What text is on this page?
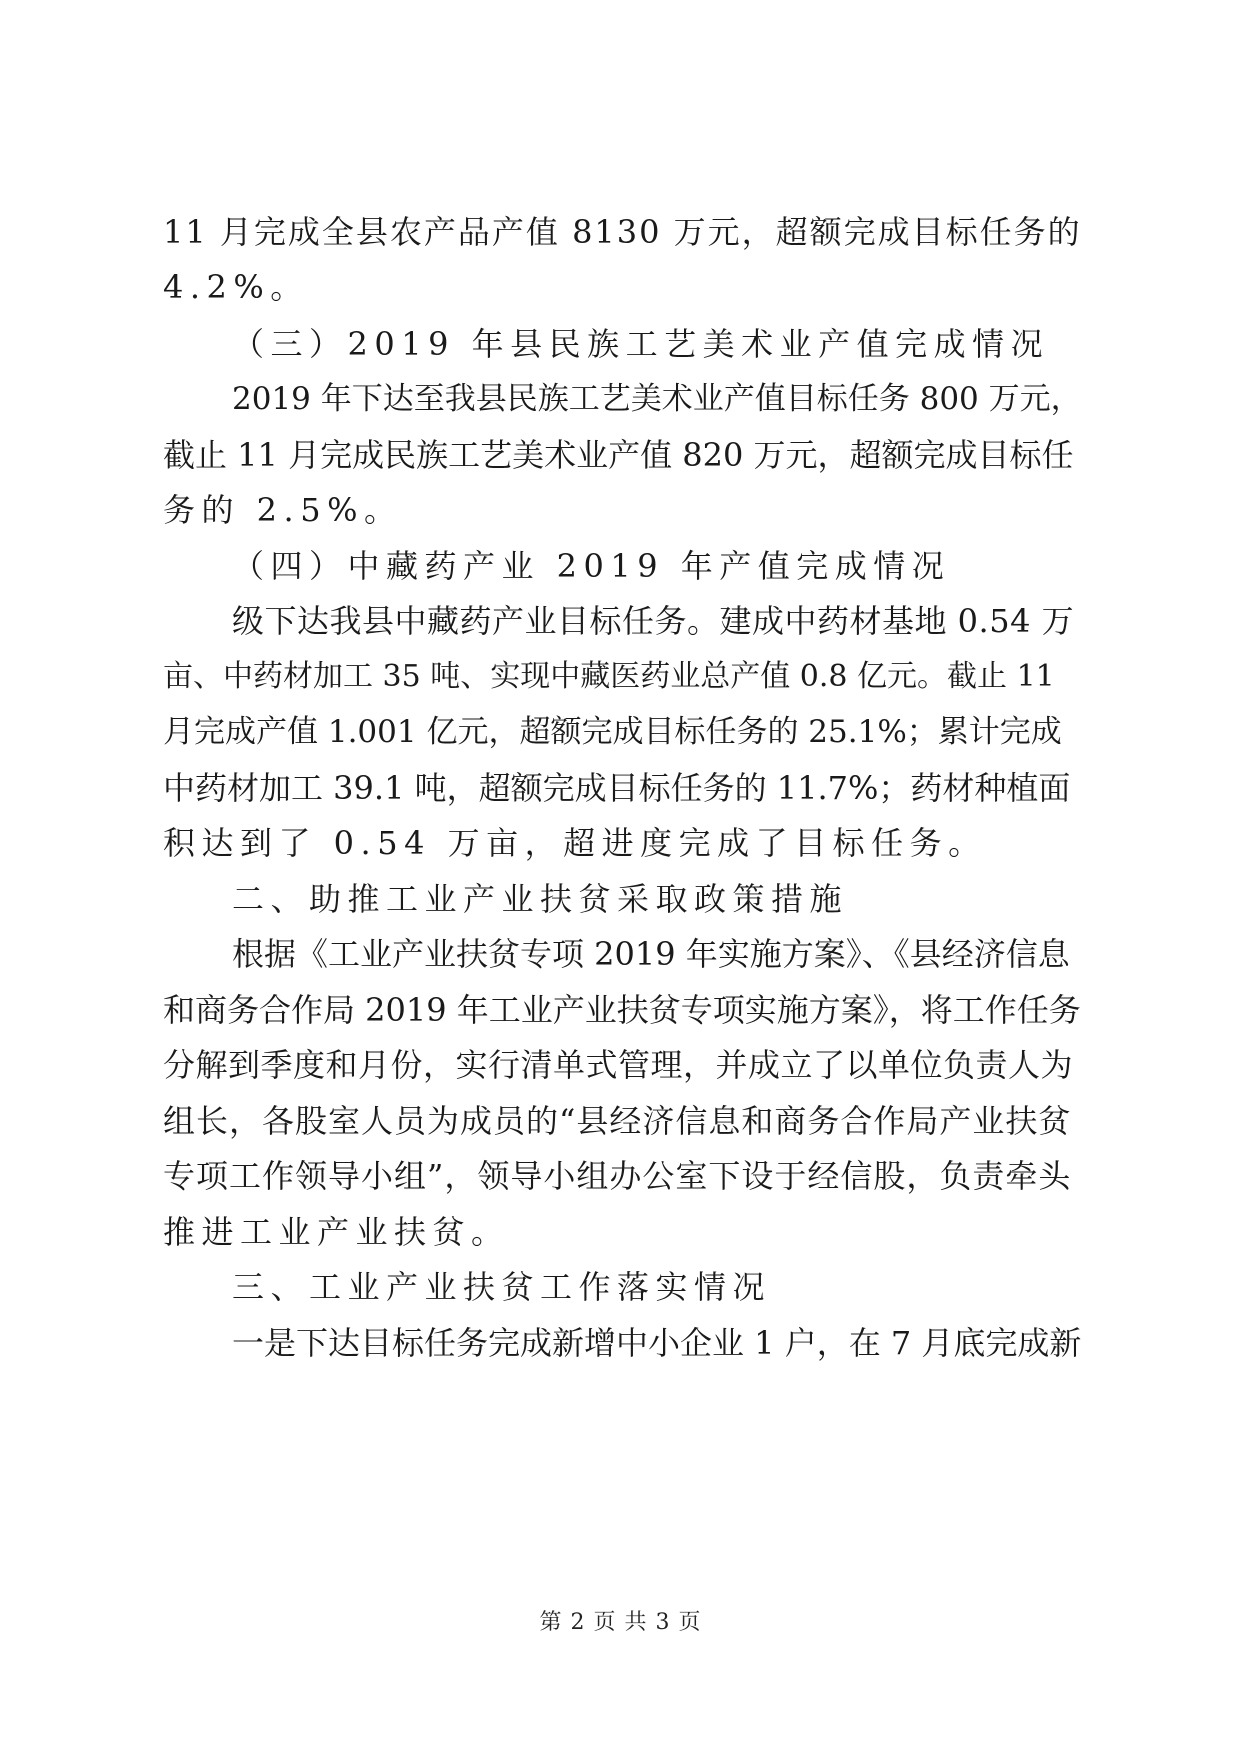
11 月完成全县农产品产值 8130 万元，超额完成目标任务的
4.2%。
（三）2019 年县民族工艺美术业产值完成情况
2019 年下达至我县民族工艺美术业产值目标任务 800 万元，
截止 11 月完成民族工艺美术业产值 820 万元，超额完成目标任
务的 2.5%。
（四）中藏药产业 2019 年产值完成情况
级下达我县中藏药产业目标任务。建成中药材基地 0.54 万
亩、中药材加工 35 吨、实现中藏医药业总产值 0.8 亿元。截止 11
月完成产值 1.001 亿元，超额完成目标任务的 25.1%；累计完成
中药材加工 39.1 吨，超额完成目标任务的 11.7%；药材种植面
积达到了 0.54 万亩，超进度完成了目标任务。
二、助推工业产业扶贫采取政策措施
根据《工业产业扶贫专项 2019 年实施方案》、《县经济信息
和商务合作局 2019 年工业产业扶贫专项实施方案》，将工作任务
分解到季度和月份，实行清单式管理，并成立了以单位负责人为
组长，各股室人员为成员的“县经济信息和商务合作局产业扶贫
专项工作领导小组”，领导小组办公室下设于经信股，负责牵头
推进工业产业扶贫。
三、工业产业扶贫工作落实情况
一是下达目标任务完成新增中小企业 1 户，在 7 月底完成新
第 2 页 共 3 页
